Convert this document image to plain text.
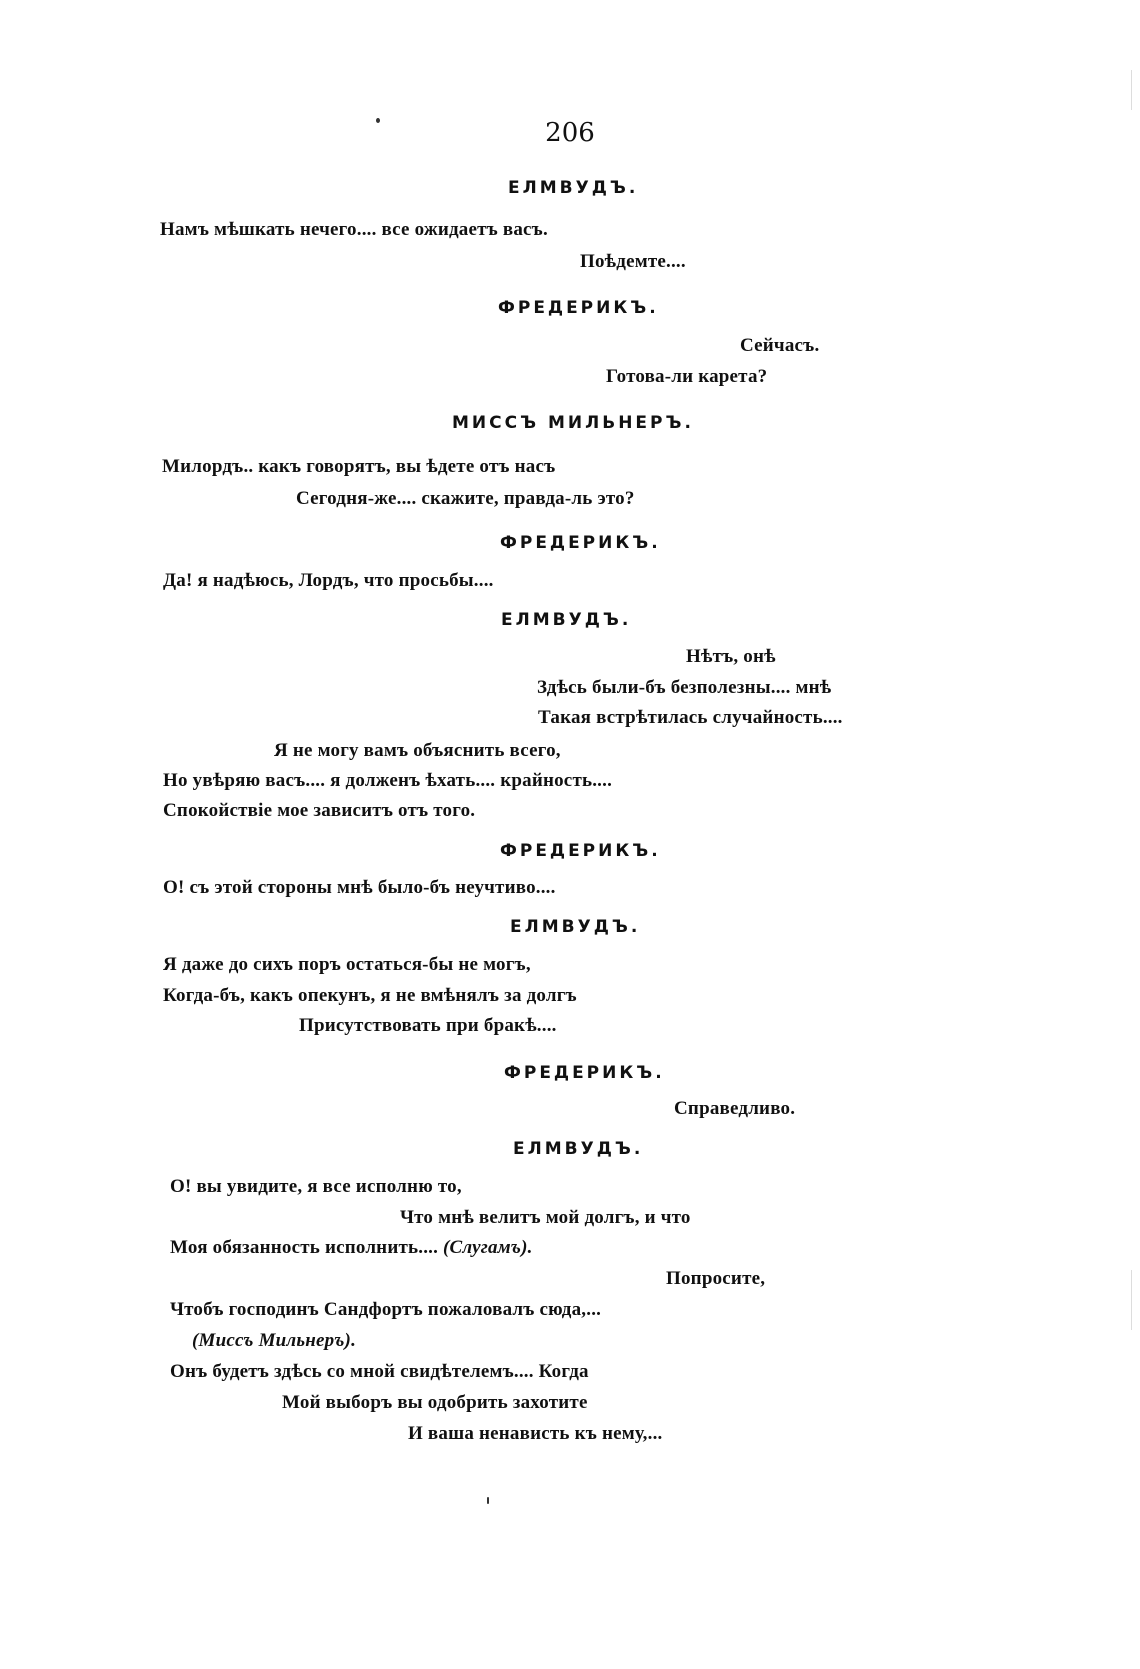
206
ЕЛМВУДЪ.
Намъ мѣшкать нечего.... все ожидаетъ васъ.
Поѣдемте....
ФРЕДЕРИКЪ.
Сейчасъ.
Готова-ли карета?
МИССЪ МИЛЬНЕРЪ.
Милордъ.. какъ говорятъ, вы ѣдете отъ насъ
Сегодня-же.... скажите, правда-ль это?
ФРЕДЕРИКЪ.
Да! я надѣюсь, Лордъ, что просьбы....
ЕЛМВУДЪ.
Нѣтъ, онѣ
Здѣсь были-бъ безполезны.... мнѣ
Такая встрѣтилась случайность....
Я не могу вамъ объяснить всего,
Но увѣряю васъ.... я долженъ ѣхать.... крайность....
Спокойствіе мое зависитъ отъ того.
ФРЕДЕРИКЪ.
О! съ этой стороны мнѣ было-бъ неучтиво....
ЕЛМВУДЪ.
Я даже до сихъ поръ остаться-бы не могъ,
Когда-бъ, какъ опекунъ, я не вмѣнялъ за долгъ
Присутствовать при бракѣ....
ФРЕДЕРИКЪ.
Справедливо.
ЕЛМВУДЪ.
О! вы увидите, я все исполню то,
Что мнѣ велитъ мой долгъ, и что
Моя обязанность исполнить.... (Слугамъ).
Попросите,
Чтобъ господинъ Сандфортъ пожаловалъ сюда,...
(Миссъ Мильнеръ).
Онъ будетъ здѣсь со мной свидѣтелемъ.... Когда
Мой выборъ вы одобрить захотите
И ваша ненависть къ нему,...
